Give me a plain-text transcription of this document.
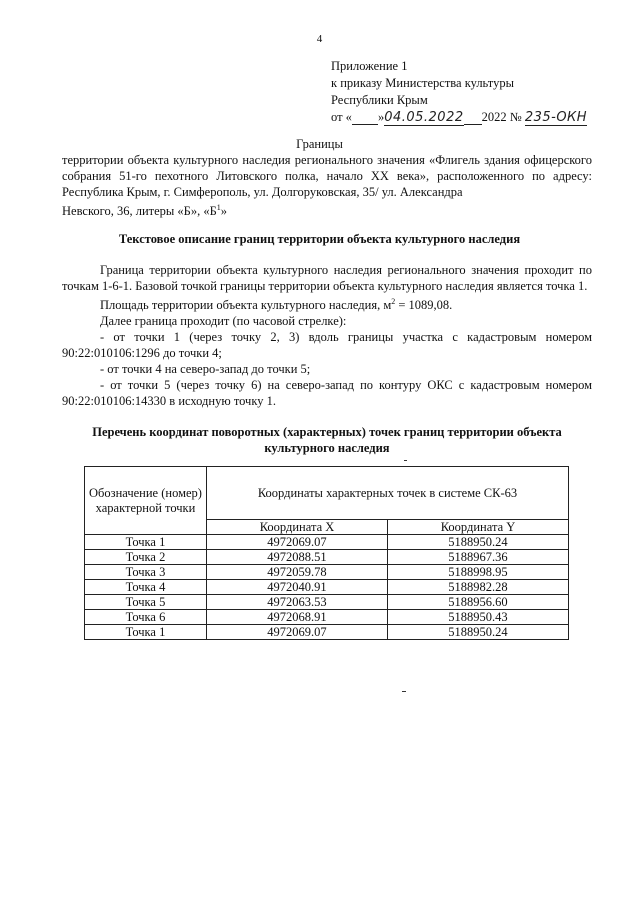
4
Приложение 1
к приказу Министерства культуры
Республики Крым
от « »04.05.2022 2022 № 235-ОКН
Границы
территории объекта культурного наследия регионального значения «Флигель здания офицерского собрания 51-го пехотного Литовского полка, начало XX века», расположенного по адресу: Республика Крым, г. Симферополь, ул. Долгоруковская, 35/ ул. Александра
Невского, 36, литеры «Б», «$Б^1$»
Текстовое описание границ территории объекта культурного наследия

Граница территории объекта культурного наследия регионального значения проходит по точкам 1-6-1. Базовой точкой границы территории объекта культурного наследия является точка 1.

Площадь территории объекта культурного наследия, $м^2 = 1089,08$.

Далее граница проходит (по часовой стрелке):

- от точки 1 (через точку 2, 3) вдоль границы участка с кадастровым номером 90:22:010106:1296 до точки 4;

- от точки 4 на северо-запад до точки 5;

- от точки 5 (через точку 6) на северо-запад по контуру ОКС с кадастровым номером 90:22:010106:14330 в исходную точку 1.

Перечень координат поворотных (характерных) точек границ территории объекта культурного наследия
Обозначение (номер) характерной точки	Координаты характерных точек в системе СК-63	
	Координата X	Координата Y
Точка 1	4972069.07	5188950.24
Точка 2	4972088.51	5188967.36
Точка 3	4972059.78	5188998.95
Точка 4	4972040.91	5188982.28
Точка 5	4972063.53	5188956.60
Точка 6	4972068.91	5188950.43
Точка 1	4972069.07	5188950.24
